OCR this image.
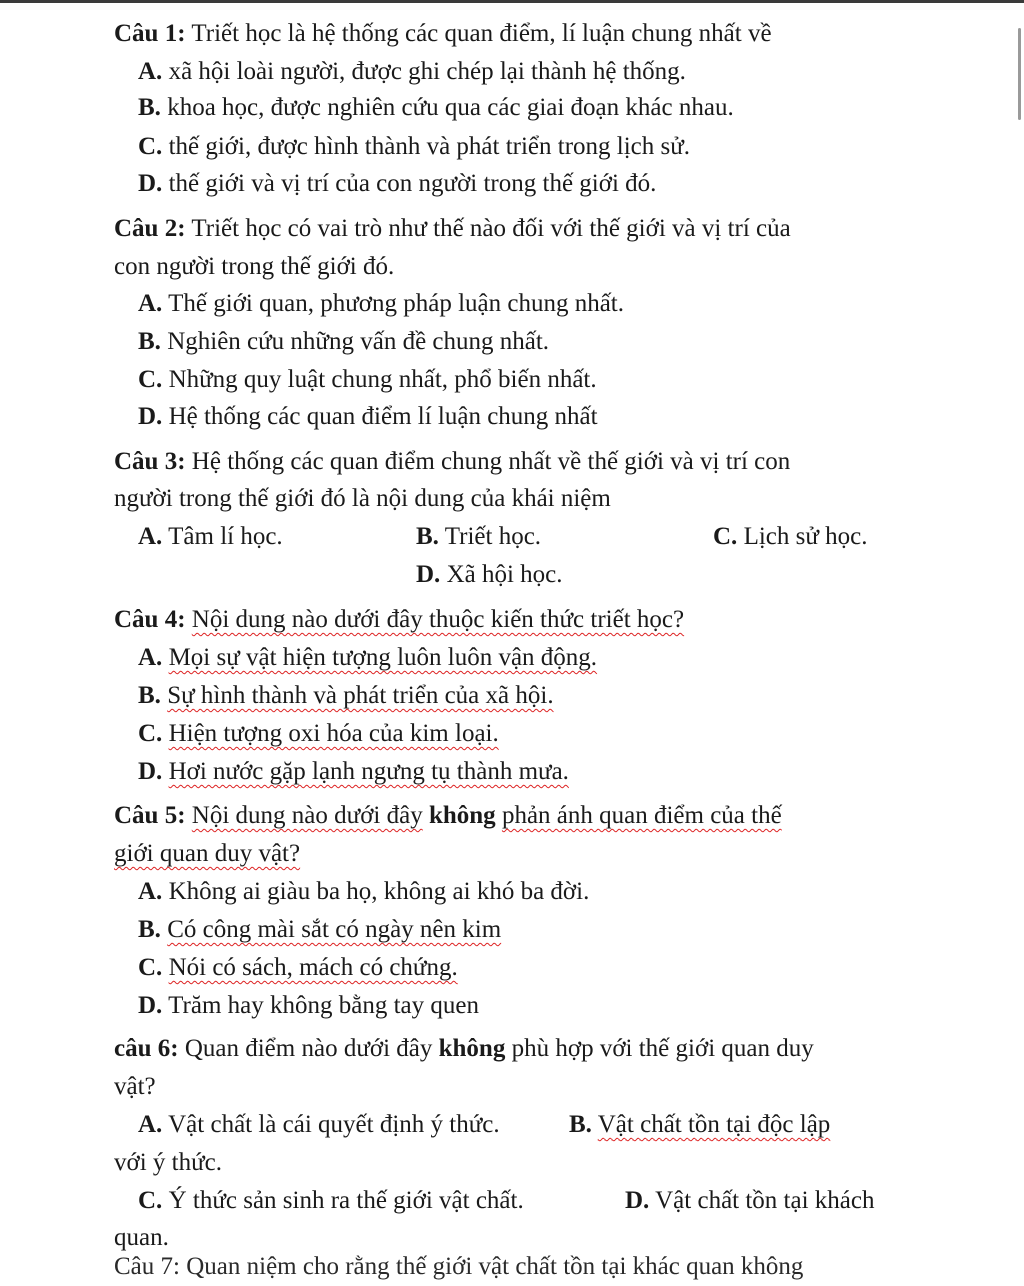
Câu 1: Triết học là hệ thống các quan điểm, lí luận chung nhất về
A. xã hội loài người, được ghi chép lại thành hệ thống.
B. khoa học, được nghiên cứu qua các giai đoạn khác nhau.
C. thế giới, được hình thành và phát triển trong lịch sử.
D. thế giới và vị trí của con người trong thế giới đó.
Câu 2: Triết học có vai trò như thế nào đối với thế giới và vị trí của
con người trong thế giới đó.
A. Thế giới quan, phương pháp luận chung nhất.
B. Nghiên cứu những vấn đề chung nhất.
C. Những quy luật chung nhất, phổ biến nhất.
D. Hệ thống các quan điểm lí luận chung nhất
Câu 3: Hệ thống các quan điểm chung nhất về thế giới và vị trí con
người trong thế giới đó là nội dung của khái niệm
A. Tâm lí học.	B. Triết học.	C. Lịch sử học.
D. Xã hội học.
Câu 4: Nội dung nào dưới đây thuộc kiến thức triết học?
A. Mọi sự vật hiện tượng luôn luôn vận động.
B. Sự hình thành và phát triển của xã hội.
C. Hiện tượng oxi hóa của kim loại.
D. Hơi nước gặp lạnh ngưng tụ thành mưa.
Câu 5: Nội dung nào dưới đây không phản ánh quan điểm của thế
giới quan duy vật?
A. Không ai giàu ba họ, không ai khó ba đời.
B. Có công mài sắt có ngày nên kim
C. Nói có sách, mách có chứng.
D. Trăm hay không bằng tay quen
câu 6: Quan điểm nào dưới đây không phù hợp với thế giới quan duy
vật?
A. Vật chất là cái quyết định ý thức.	B. Vật chất tồn tại độc lập
với ý thức.
C. Ý thức sản sinh ra thế giới vật chất.	D. Vật chất tồn tại khách
quan.
Câu 7: Quan niệm cho rằng thế giới vật chất tồn tại khác quan không
